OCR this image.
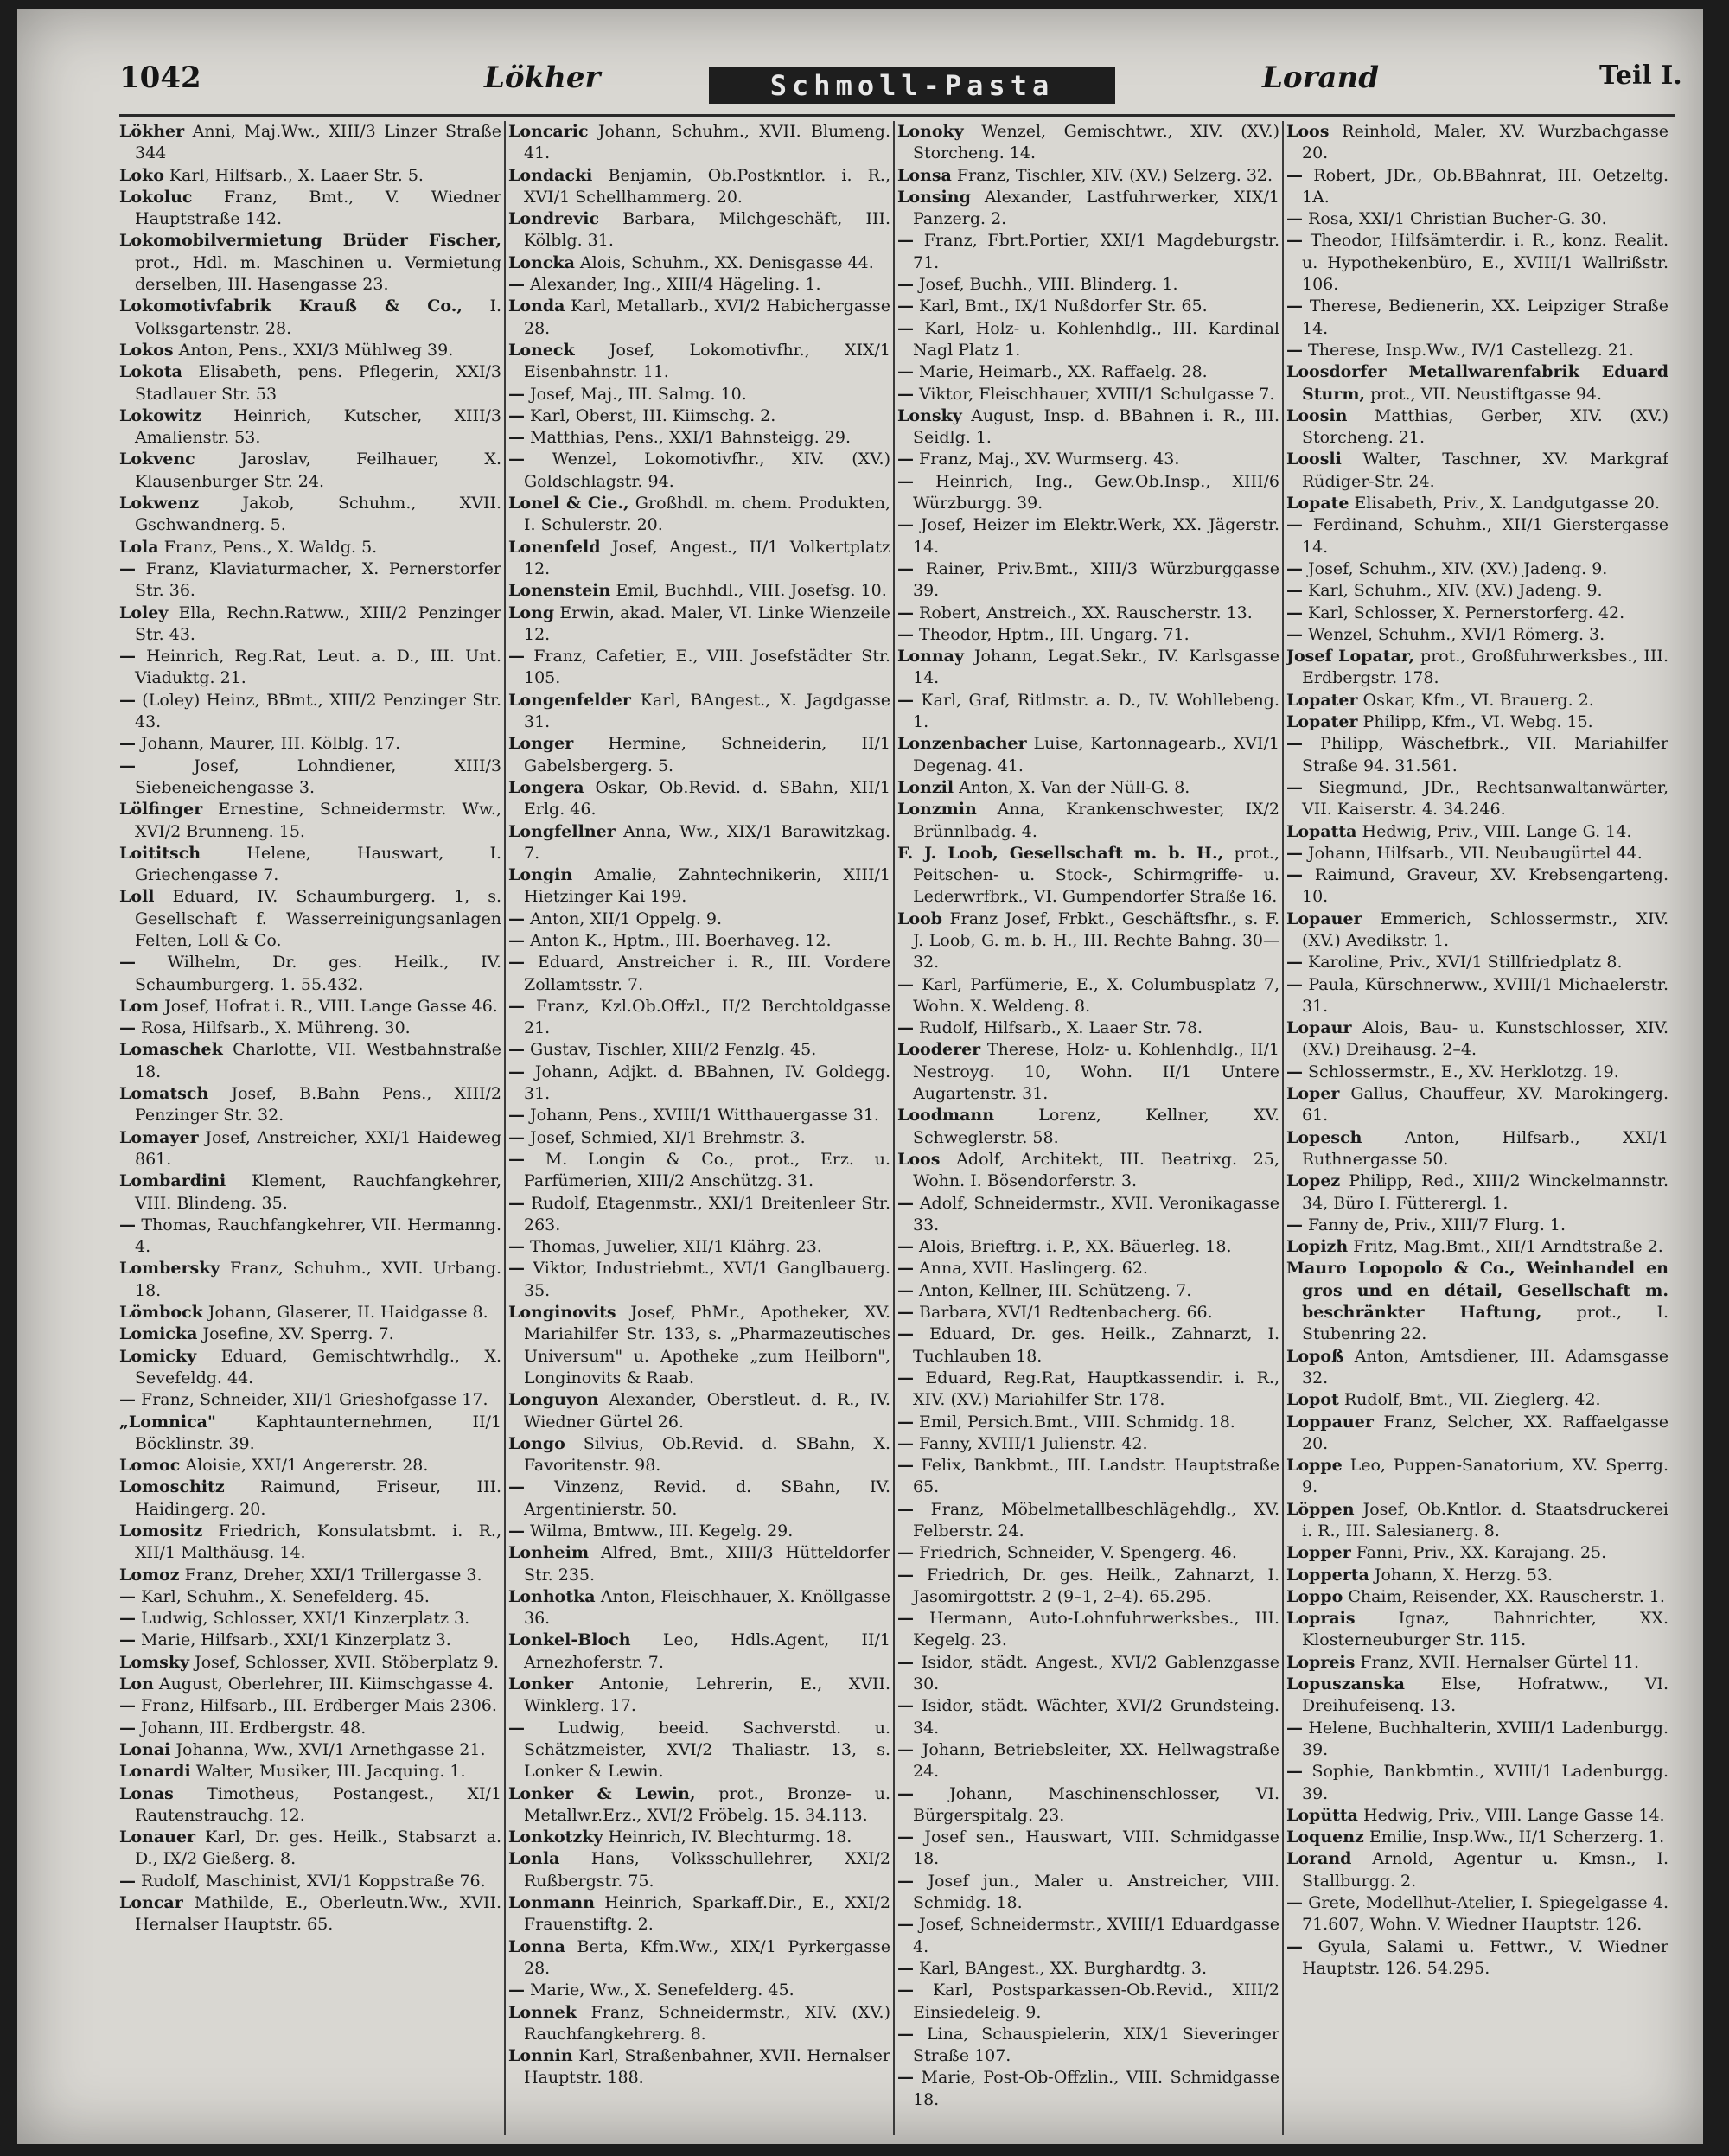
1042	Lökher	Schmoll-Pasta	Lorand	Teil I.

Lökher Anni, Maj.Ww., XIII/3 Linzer Straße 344

Loko Karl, Hilfsarb., X. Laaer Str. 5.

Lokoluc Franz, Bmt., V. Wiedner Hauptstraße 142.

Lokomobilvermietung Brüder Fischer, prot., Hdl. m. Maschinen u. Vermietung derselben, III. Hasengasse 23.

Lokomotivfabrik Krauß & Co., I. Volksgartenstr. 28.

Lokos Anton, Pens., XXI/3 Mühlweg 39.

Lokota Elisabeth, pens. Pflegerin, XXI/3 Stadlauer Str. 53

Lokowitz Heinrich, Kutscher, XIII/3 Amalienstr. 53.

Lokvenc Jaroslav, Feilhauer, X. Klausenburger Str. 24.

Lokwenz Jakob, Schuhm., XVII. Gschwandnerg. 5.

Lola Franz, Pens., X. Waldg. 5.

— Franz, Klaviaturmacher, X. Pernerstorfer Str. 36.

Loley Ella, Rechn.Ratww., XIII/2 Penzinger Str. 43.

— Heinrich, Reg.Rat, Leut. a. D., III. Unt. Viaduktg. 21.

— (Loley) Heinz, BBmt., XIII/2 Penzinger Str. 43.

— Johann, Maurer, III. Kölblg. 17.

— Josef, Lohndiener, XIII/3 Siebeneichengasse 3.

Lölfinger Ernestine, Schneidermstr. Ww., XVI/2 Brunneng. 15.

Loititsch Helene, Hauswart, I. Griechengasse 7.

Loll Eduard, IV. Schaumburgerg. 1, s. Gesellschaft f. Wasserreinigungsanlagen Felten, Loll & Co.

— Wilhelm, Dr. ges. Heilk., IV. Schaumburgerg. 1. 55.432.

Lom Josef, Hofrat i. R., VIII. Lange Gasse 46.

— Rosa, Hilfsarb., X. Mühreng. 30.

Lomaschek Charlotte, VII. Westbahnstraße 18.

Lomatsch Josef, B.Bahn Pens., XIII/2 Penzinger Str. 32.

Lomayer Josef, Anstreicher, XXI/1 Haideweg 861.

Lombardini Klement, Rauchfangkehrer, VIII. Blindeng. 35.

— Thomas, Rauchfangkehrer, VII. Hermanng. 4.

Lombersky Franz, Schuhm., XVII. Urbang. 18.

Lömbock Johann, Glaserer, II. Haidgasse 8.

Lomicka Josefine, XV. Sperrg. 7.

Lomicky Eduard, Gemischtwrhdlg., X. Sevefeldg. 44.

— Franz, Schneider, XII/1 Grieshofgasse 17.

„Lomnica" Kaphtaunternehmen, II/1 Böcklinstr. 39.

Lomoc Aloisie, XXI/1 Angererstr. 28.

Lomoschitz Raimund, Friseur, III. Haidingerg. 20.

Lomositz Friedrich, Konsulatsbmt. i. R., XII/1 Malthäusg. 14.

Lomoz Franz, Dreher, XXI/1 Trillergasse 3.

— Karl, Schuhm., X. Senefelderg. 45.

— Ludwig, Schlosser, XXI/1 Kinzerplatz 3.

— Marie, Hilfsarb., XXI/1 Kinzerplatz 3.

Lomsky Josef, Schlosser, XVII. Stöberplatz 9.

Lon August, Oberlehrer, III. Kiimschgasse 4.

— Franz, Hilfsarb., III. Erdberger Mais 2306.

— Johann, III. Erdbergstr. 48.

Lonai Johanna, Ww., XVI/1 Arnethgasse 21.

Lonardi Walter, Musiker, III. Jacquing. 1.

Lonas Timotheus, Postangest., XI/1 Rautenstrauchg. 12.

Lonauer Karl, Dr. ges. Heilk., Stabsarzt a. D., IX/2 Gießerg. 8.

— Rudolf, Maschinist, XVI/1 Koppstraße 76.

Loncar Mathilde, E., Oberleutn.Ww., XVII. Hernalser Hauptstr. 65.

Loncaric Johann, Schuhm., XVII. Blumeng. 41.

Londacki Benjamin, Ob.Postkntlor. i. R., XVI/1 Schellhammerg. 20.

Londrevic Barbara, Milchgeschäft, III. Kölblg. 31.

Loncka Alois, Schuhm., XX. Denisgasse 44.

— Alexander, Ing., XIII/4 Hägeling. 1.

Londa Karl, Metallarb., XVI/2 Habichergasse 28.

Loneck Josef, Lokomotivfhr., XIX/1 Eisenbahnstr. 11.

— Josef, Maj., III. Salmg. 10.

— Karl, Oberst, III. Kiimschg. 2.

— Matthias, Pens., XXI/1 Bahnsteigg. 29.

— Wenzel, Lokomotivfhr., XIV. (XV.) Goldschlagstr. 94.

Lonel & Cie., Großhdl. m. chem. Produkten, I. Schulerstr. 20.

Lonenfeld Josef, Angest., II/1 Volkertplatz 12.

Lonenstein Emil, Buchhdl., VIII. Josefsg. 10.

Long Erwin, akad. Maler, VI. Linke Wienzeile 12.

— Franz, Cafetier, E., VIII. Josefstädter Str. 105.

Longenfelder Karl, BAngest., X. Jagdgasse 31.

Longer Hermine, Schneiderin, II/1 Gabelsbergerg. 5.

Longera Oskar, Ob.Revid. d. SBahn, XII/1 Erlg. 46.

Longfellner Anna, Ww., XIX/1 Barawitzkag. 7.

Longin Amalie, Zahntechnikerin, XIII/1 Hietzinger Kai 199.

— Anton, XII/1 Oppelg. 9.

— Anton K., Hptm., III. Boerhaveg. 12.

— Eduard, Anstreicher i. R., III. Vordere Zollamtsstr. 7.

— Franz, Kzl.Ob.Offzl., II/2 Berchtoldgasse 21.

— Gustav, Tischler, XIII/2 Fenzlg. 45.

— Johann, Adjkt. d. BBahnen, IV. Goldegg. 31.

— Johann, Pens., XVIII/1 Witthauergasse 31.

— Josef, Schmied, XI/1 Brehmstr. 3.

— M. Longin & Co., prot., Erz. u. Parfümerien, XIII/2 Anschützg. 31.

— Rudolf, Etagenmstr., XXI/1 Breitenleer Str. 263.

— Thomas, Juwelier, XII/1 Klährg. 23.

— Viktor, Industriebmt., XVI/1 Ganglbauerg. 35.

Longinovits Josef, PhMr., Apotheker, XV. Mariahilfer Str. 133, s. „Pharmazeutisches Universum" u. Apotheke „zum Heilborn", Longinovits & Raab.

Longuyon Alexander, Oberstleut. d. R., IV. Wiedner Gürtel 26.

Longo Silvius, Ob.Revid. d. SBahn, X. Favoritenstr. 98.

— Vinzenz, Revid. d. SBahn, IV. Argentinierstr. 50.

— Wilma, Bmtww., III. Kegelg. 29.

Lonheim Alfred, Bmt., XIII/3 Hütteldorfer Str. 235.

Lonhotka Anton, Fleischhauer, X. Knöllgasse 36.

Lonkel-Bloch Leo, Hdls.Agent, II/1 Arnezhoferstr. 7.

Lonker Antonie, Lehrerin, E., XVII. Winklerg. 17.

— Ludwig, beeid. Sachverstd. u. Schätzmeister, XVI/2 Thaliastr. 13, s. Lonker & Lewin.

Lonker & Lewin, prot., Bronze- u. Metallwr.Erz., XVI/2 Fröbelg. 15. 34.113.

Lonkotzky Heinrich, IV. Blechturmg. 18.

Lonla Hans, Volksschullehrer, XXI/2 Rußbergstr. 75.

Lonmann Heinrich, Sparkaff.Dir., E., XXI/2 Frauenstiftg. 2.

Lonna Berta, Kfm.Ww., XIX/1 Pyrkergasse 28.

— Marie, Ww., X. Senefelderg. 45.

Lonnek Franz, Schneidermstr., XIV. (XV.) Rauchfangkehrerg. 8.

Lonnin Karl, Straßenbahner, XVII. Hernalser Hauptstr. 188.

Lonoky Wenzel, Gemischtwr., XIV. (XV.) Storcheng. 14.

Lonsa Franz, Tischler, XIV. (XV.) Selzerg. 32.

Lonsing Alexander, Lastfuhrwerker, XIX/1 Panzerg. 2.

— Franz, Fbrt.Portier, XXI/1 Magdeburgstr. 71.

— Josef, Buchh., VIII. Blinderg. 1.

— Karl, Bmt., IX/1 Nußdorfer Str. 65.

— Karl, Holz- u. Kohlenhdlg., III. Kardinal Nagl Platz 1.

— Marie, Heimarb., XX. Raffaelg. 28.

— Viktor, Fleischhauer, XVIII/1 Schulgasse 7.

Lonsky August, Insp. d. BBahnen i. R., III. Seidlg. 1.

— Franz, Maj., XV. Wurmserg. 43.

— Heinrich, Ing., Gew.Ob.Insp., XIII/6 Würzburgg. 39.

— Josef, Heizer im Elektr.Werk, XX. Jägerstr. 14.

— Rainer, Priv.Bmt., XIII/3 Würzburggasse 39.

— Robert, Anstreich., XX. Rauscherstr. 13.

— Theodor, Hptm., III. Ungarg. 71.

Lonnay Johann, Legat.Sekr., IV. Karlsgasse 14.

— Karl, Graf, Ritlmstr. a. D., IV. Wohllebeng. 1.

Lonzenbacher Luise, Kartonnagearb., XVI/1 Degenag. 41.

Lonzil Anton, X. Van der Nüll-G. 8.

Lonzmin Anna, Krankenschwester, IX/2 Brünnlbadg. 4.

F. J. Loob, Gesellschaft m. b. H., prot., Peitschen- u. Stock-, Schirmgriffe- u. Lederwrfbrk., VI. Gumpendorfer Straße 16.

Loob Franz Josef, Frbkt., Geschäftsfhr., s. F. J. Loob, G. m. b. H., III. Rechte Bahng. 30—32.

— Karl, Parfümerie, E., X. Columbusplatz 7, Wohn. X. Weldeng. 8.

— Rudolf, Hilfsarb., X. Laaer Str. 78.

Looderer Therese, Holz- u. Kohlenhdlg., II/1 Nestroyg. 10, Wohn. II/1 Untere Augartenstr. 31.

Loodmann Lorenz, Kellner, XV. Schweglerstr. 58.

Loos Adolf, Architekt, III. Beatrixg. 25, Wohn. I. Bösendorferstr. 3.

— Adolf, Schneidermstr., XVII. Veronikagasse 33.

— Alois, Brieftrg. i. P., XX. Bäuerleg. 18.

— Anna, XVII. Haslingerg. 62.

— Anton, Kellner, III. Schützeng. 7.

— Barbara, XVI/1 Redtenbacherg. 66.

— Eduard, Dr. ges. Heilk., Zahnarzt, I. Tuchlauben 18.

— Eduard, Reg.Rat, Hauptkassendir. i. R., XIV. (XV.) Mariahilfer Str. 178.

— Emil, Persich.Bmt., VIII. Schmidg. 18.

— Fanny, XVIII/1 Julienstr. 42.

— Felix, Bankbmt., III. Landstr. Hauptstraße 65.

— Franz, Möbelmetallbeschlägehdlg., XV. Felberstr. 24.

— Friedrich, Schneider, V. Spengerg. 46.

— Friedrich, Dr. ges. Heilk., Zahnarzt, I. Jasomirgottstr. 2 (9–1, 2–4). 65.295.

— Hermann, Auto-Lohnfuhrwerksbes., III. Kegelg. 23.

— Isidor, städt. Angest., XVI/2 Gablenzgasse 30.

— Isidor, städt. Wächter, XVI/2 Grundsteing. 34.

— Johann, Betriebsleiter, XX. Hellwagstraße 24.

— Johann, Maschinenschlosser, VI. Bürgerspitalg. 23.

— Josef sen., Hauswart, VIII. Schmidgasse 18.

— Josef jun., Maler u. Anstreicher, VIII. Schmidg. 18.

— Josef, Schneidermstr., XVIII/1 Eduardgasse 4.

— Karl, BAngest., XX. Burghardtg. 3.

— Karl, Postsparkassen-Ob.Revid., XIII/2 Einsiedeleig. 9.

— Lina, Schauspielerin, XIX/1 Sieveringer Straße 107.

— Marie, Post-Ob-Offzlin., VIII. Schmidgasse 18.

Loos Reinhold, Maler, XV. Wurzbachgasse 20.

— Robert, JDr., Ob.BBahnrat, III. Oetzeltg. 1A.

— Rosa, XXI/1 Christian Bucher-G. 30.

— Theodor, Hilfsämterdir. i. R., konz. Realit. u. Hypothekenbüro, E., XVIII/1 Wallrißstr. 106.

— Therese, Bedienerin, XX. Leipziger Straße 14.

— Therese, Insp.Ww., IV/1 Castellezg. 21.

Loosdorfer Metallwarenfabrik Eduard Sturm, prot., VII. Neustiftgasse 94.

Loosin Matthias, Gerber, XIV. (XV.) Storcheng. 21.

Loosli Walter, Taschner, XV. Markgraf Rüdiger-Str. 24.

Lopate Elisabeth, Priv., X. Landgutgasse 20.

— Ferdinand, Schuhm., XII/1 Gierstergasse 14.

— Josef, Schuhm., XIV. (XV.) Jadeng. 9.

— Karl, Schuhm., XIV. (XV.) Jadeng. 9.

— Karl, Schlosser, X. Pernerstorferg. 42.

— Wenzel, Schuhm., XVI/1 Römerg. 3.

Josef Lopatar, prot., Großfuhrwerksbes., III. Erdbergstr. 178.

Lopater Oskar, Kfm., VI. Brauerg. 2.

Lopater Philipp, Kfm., VI. Webg. 15.

— Philipp, Wäschefbrk., VII. Mariahilfer Straße 94. 31.561.

— Siegmund, JDr., Rechtsanwaltanwärter, VII. Kaiserstr. 4. 34.246.

Lopatta Hedwig, Priv., VIII. Lange G. 14.

— Johann, Hilfsarb., VII. Neubaugürtel 44.

— Raimund, Graveur, XV. Krebsengarteng. 10.

Lopauer Emmerich, Schlossermstr., XIV. (XV.) Avedikstr. 1.

— Karoline, Priv., XVI/1 Stillfriedplatz 8.

— Paula, Kürschnerww., XVIII/1 Michaelerstr. 31.

Lopaur Alois, Bau- u. Kunstschlosser, XIV. (XV.) Dreihausg. 2–4.

— Schlossermstr., E., XV. Herklotzg. 19.

Loper Gallus, Chauffeur, XV. Marokingerg. 61.

Lopesch Anton, Hilfsarb., XXI/1 Ruthnergasse 50.

Lopez Philipp, Red., XIII/2 Winckelmannstr. 34, Büro I. Fütterergl. 1.

— Fanny de, Priv., XIII/7 Flurg. 1.

Lopizh Fritz, Mag.Bmt., XII/1 Arndtstraße 2.

Mauro Lopopolo & Co., Weinhandel en gros und en détail, Gesellschaft m. beschränkter Haftung, prot., I. Stubenring 22.

Lopoß Anton, Amtsdiener, III. Adamsgasse 32.

Lopot Rudolf, Bmt., VII. Zieglerg. 42.

Loppauer Franz, Selcher, XX. Raffaelgasse 20.

Loppe Leo, Puppen-Sanatorium, XV. Sperrg. 9.

Löppen Josef, Ob.Kntlor. d. Staatsdruckerei i. R., III. Salesianerg. 8.

Lopper Fanni, Priv., XX. Karajang. 25.

Lopperta Johann, X. Herzg. 53.

Loppo Chaim, Reisender, XX. Rauscherstr. 1.

Loprais Ignaz, Bahnrichter, XX. Klosterneuburger Str. 115.

Lopreis Franz, XVII. Hernalser Gürtel 11.

Lopuszanska Else, Hofratww., VI. Dreihufeisenq. 13.

— Helene, Buchhalterin, XVIII/1 Ladenburgg. 39.

— Sophie, Bankbmtin., XVIII/1 Ladenburgg. 39.

Lopütta Hedwig, Priv., VIII. Lange Gasse 14.

Loquenz Emilie, Insp.Ww., II/1 Scherzerg. 1.

Lorand Arnold, Agentur u. Kmsn., I. Stallburgg. 2.

— Grete, Modellhut-Atelier, I. Spiegelgasse 4. 71.607, Wohn. V. Wiedner Hauptstr. 126.

— Gyula, Salami u. Fettwr., V. Wiedner Hauptstr. 126. 54.295.
